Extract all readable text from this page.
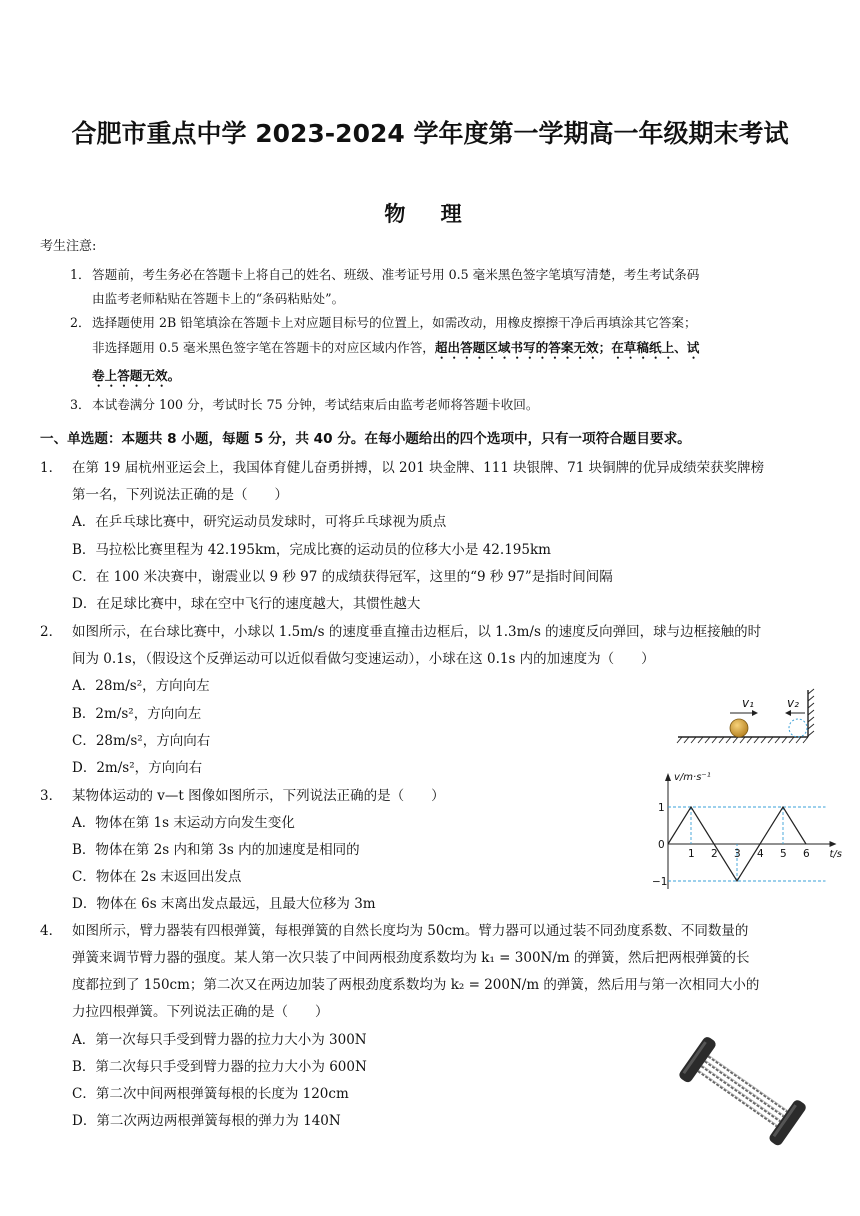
合肥市重点中学 2023-2024 学年度第一学期高一年级期末考试
物 理
考生注意:
1． 答题前，考生务必在答题卡上将自己的姓名、班级、准考证号用 0.5 毫米黑色签字笔填写清楚，考生考试条码
由监考老师粘贴在答题卡上的“条码粘贴处”。
2． 选择题使用 2B 铅笔填涂在答题卡上对应题目标号的位置上，如需改动，用橡皮擦擦干净后再填涂其它答案；
非选择题用 0.5 毫米黑色签字笔在答题卡的对应区域内作答，超出答题区域书写的答案无效；在草稿纸上、试
卷上答题无效。
3． 本试卷满分 100 分，考试时长 75 分钟，考试结束后由监考老师将答题卡收回。
一、单选题：本题共 8 小题，每题 5 分，共 40 分。在每小题给出的四个选项中，只有一项符合题目要求。
1． 在第 19 届杭州亚运会上，我国体育健儿奋勇拼搏，以 201 块金牌、111 块银牌、71 块铜牌的优异成绩荣获奖牌榜
第一名，下列说法正确的是（　　）
A．在乒乓球比赛中，研究运动员发球时，可将乒乓球视为质点
B．马拉松比赛里程为 42.195km，完成比赛的运动员的位移大小是 42.195km
C．在 100 米决赛中，谢震业以 9 秒 97 的成绩获得冠军，这里的“9 秒 97”是指时间间隔
D．在足球比赛中，球在空中飞行的速度越大，其惯性越大
2． 如图所示，在台球比赛中，小球以 1.5m/s 的速度垂直撞击边框后，以 1.3m/s 的速度反向弹回，球与边框接触的时
间为 0.1s，（假设这个反弹运动可以近似看做匀变速运动），小球在这 0.1s 内的加速度为（　　）
A．28m/s²，方向向左
B．2m/s²，方向向左
C．28m/s²，方向向右
D．2m/s²，方向向右
v₁	v₂
3． 某物体运动的 v—t 图像如图所示，下列说法正确的是（　　）
A．物体在第 1s 末运动方向发生变化
B．物体在第 2s 内和第 3s 内的加速度是相同的
C．物体在 2s 末返回出发点
D．物体在 6s 末离出发点最远，且最大位移为 3m
v/m·s⁻¹
t/s
1 2 3 4 5 6
1
0
−1
4． 如图所示，臂力器装有四根弹簧，每根弹簧的自然长度均为 50cm。臂力器可以通过装不同劲度系数、不同数量的
弹簧来调节臂力器的强度。某人第一次只装了中间两根劲度系数均为 k₁ = 300N/m 的弹簧，然后把两根弹簧的长
度都拉到了 150cm；第二次又在两边加装了两根劲度系数均为 k₂ = 200N/m 的弹簧，然后用与第一次相同大小的
力拉四根弹簧。下列说法正确的是（　　）
A．第一次每只手受到臂力器的拉力大小为 300N
B．第二次每只手受到臂力器的拉力大小为 600N
C．第二次中间两根弹簧每根的长度为 120cm
D．第二次两边两根弹簧每根的弹力为 140N
